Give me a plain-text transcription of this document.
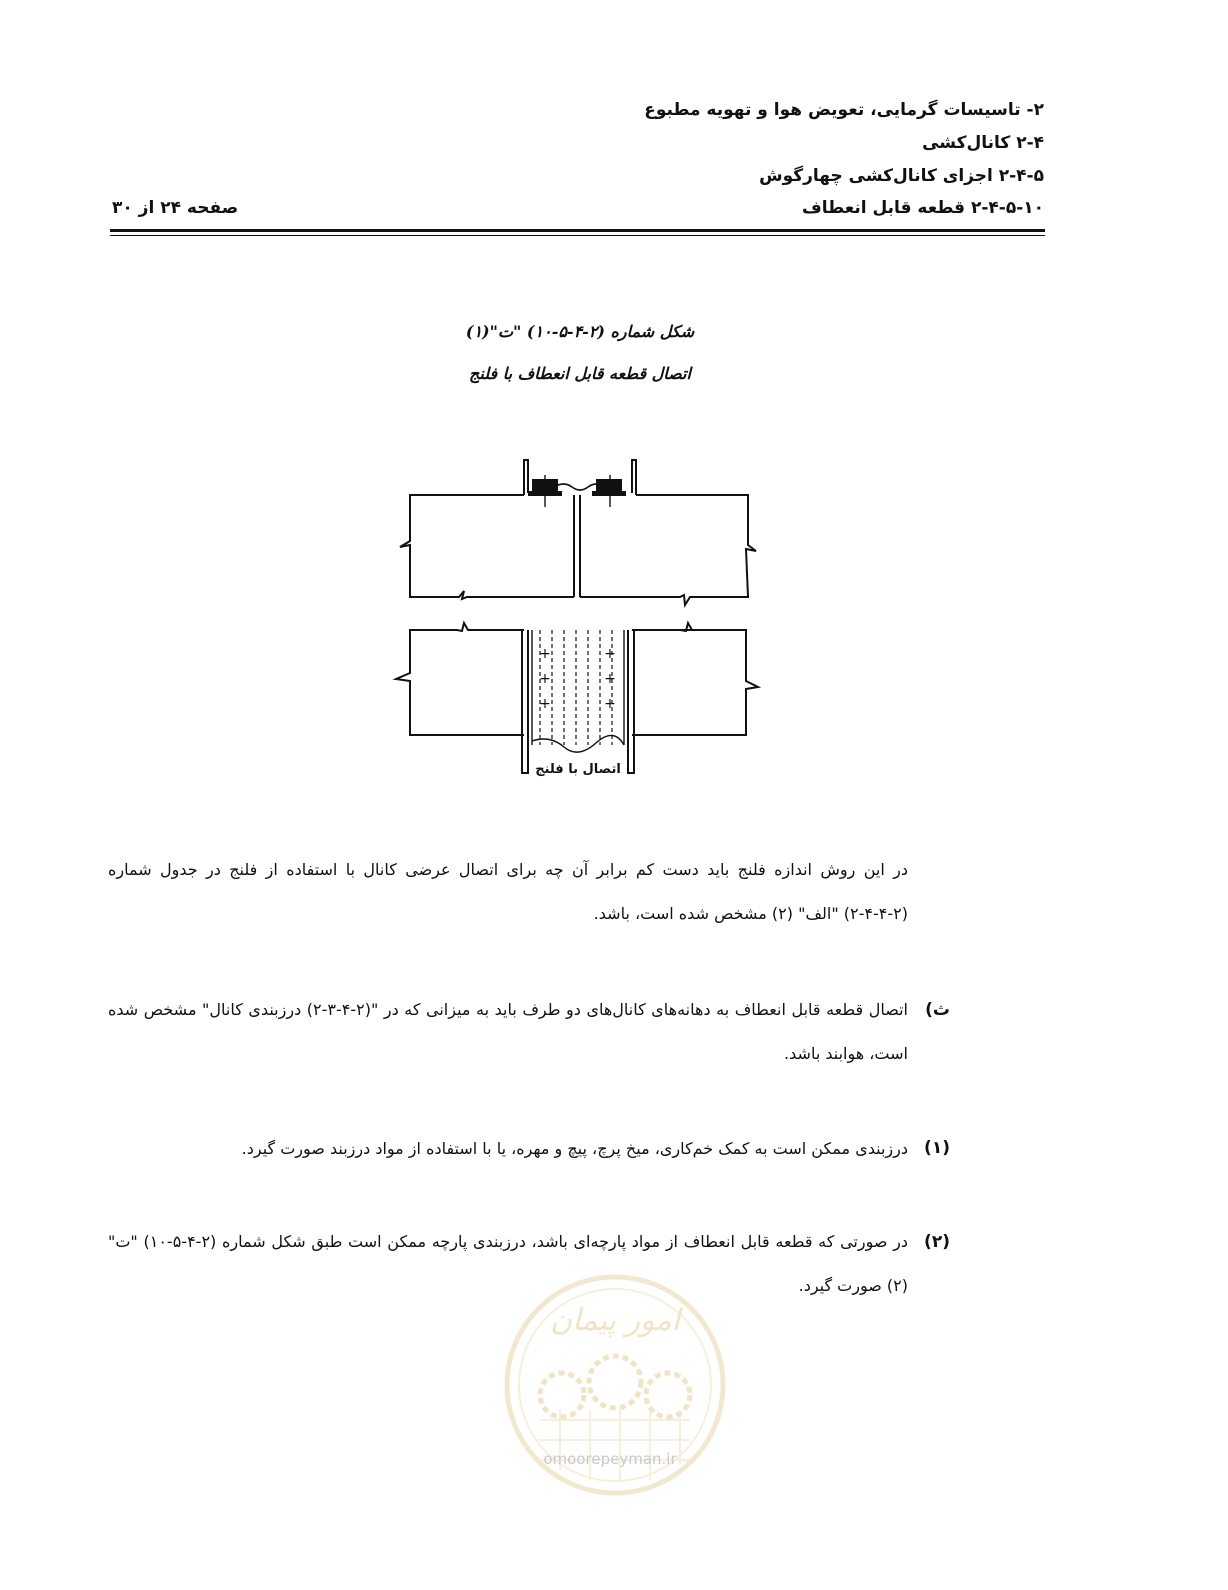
۲- تاسیسات گرمایی، تعویض هوا و تهویه مطبوع
۲-۴ کانال‌کشی
۲-۴-۵ اجزای کانال‌کشی چهارگوش
۲-۴-۵-۱۰ قطعه قابل انعطاف
صفحه ۲۴ از ۳۰
شکل شماره (۲-۴-۵-۱۰) "ت"(۱)
اتصال قطعه قابل انعطاف با فلنج
+
+
+
+
+
+
اتصال با فلنج
در این روش اندازه فلنج باید دست کم برابر آن چه برای اتصال عرضی کانال با استفاده از فلنج در جدول شماره (۲-۴-۴-۲) "الف" (۲) مشخص شده است، باشد.
ث)
اتصال قطعه قابل انعطاف به دهانه‌های کانال‌های دو طرف باید به میزانی که در "(۲-۴-۳-۲) درزبندی کانال" مشخص شده است، هوابند باشد.
(۱)
درزبندی ممکن است به کمک خم‌کاری، میخ پرچ، پیچ و مهره، یا با استفاده از مواد درزبند صورت گیرد.
(۲)
در صورتی که قطعه قابل انعطاف از مواد پارچه‌ای باشد، درزبندی پارچه ممکن است طبق شکل شماره (۲-۴-۵-۱۰) "ت" (۲) صورت گیرد.
امور پیمان
omoorepeyman.ir
